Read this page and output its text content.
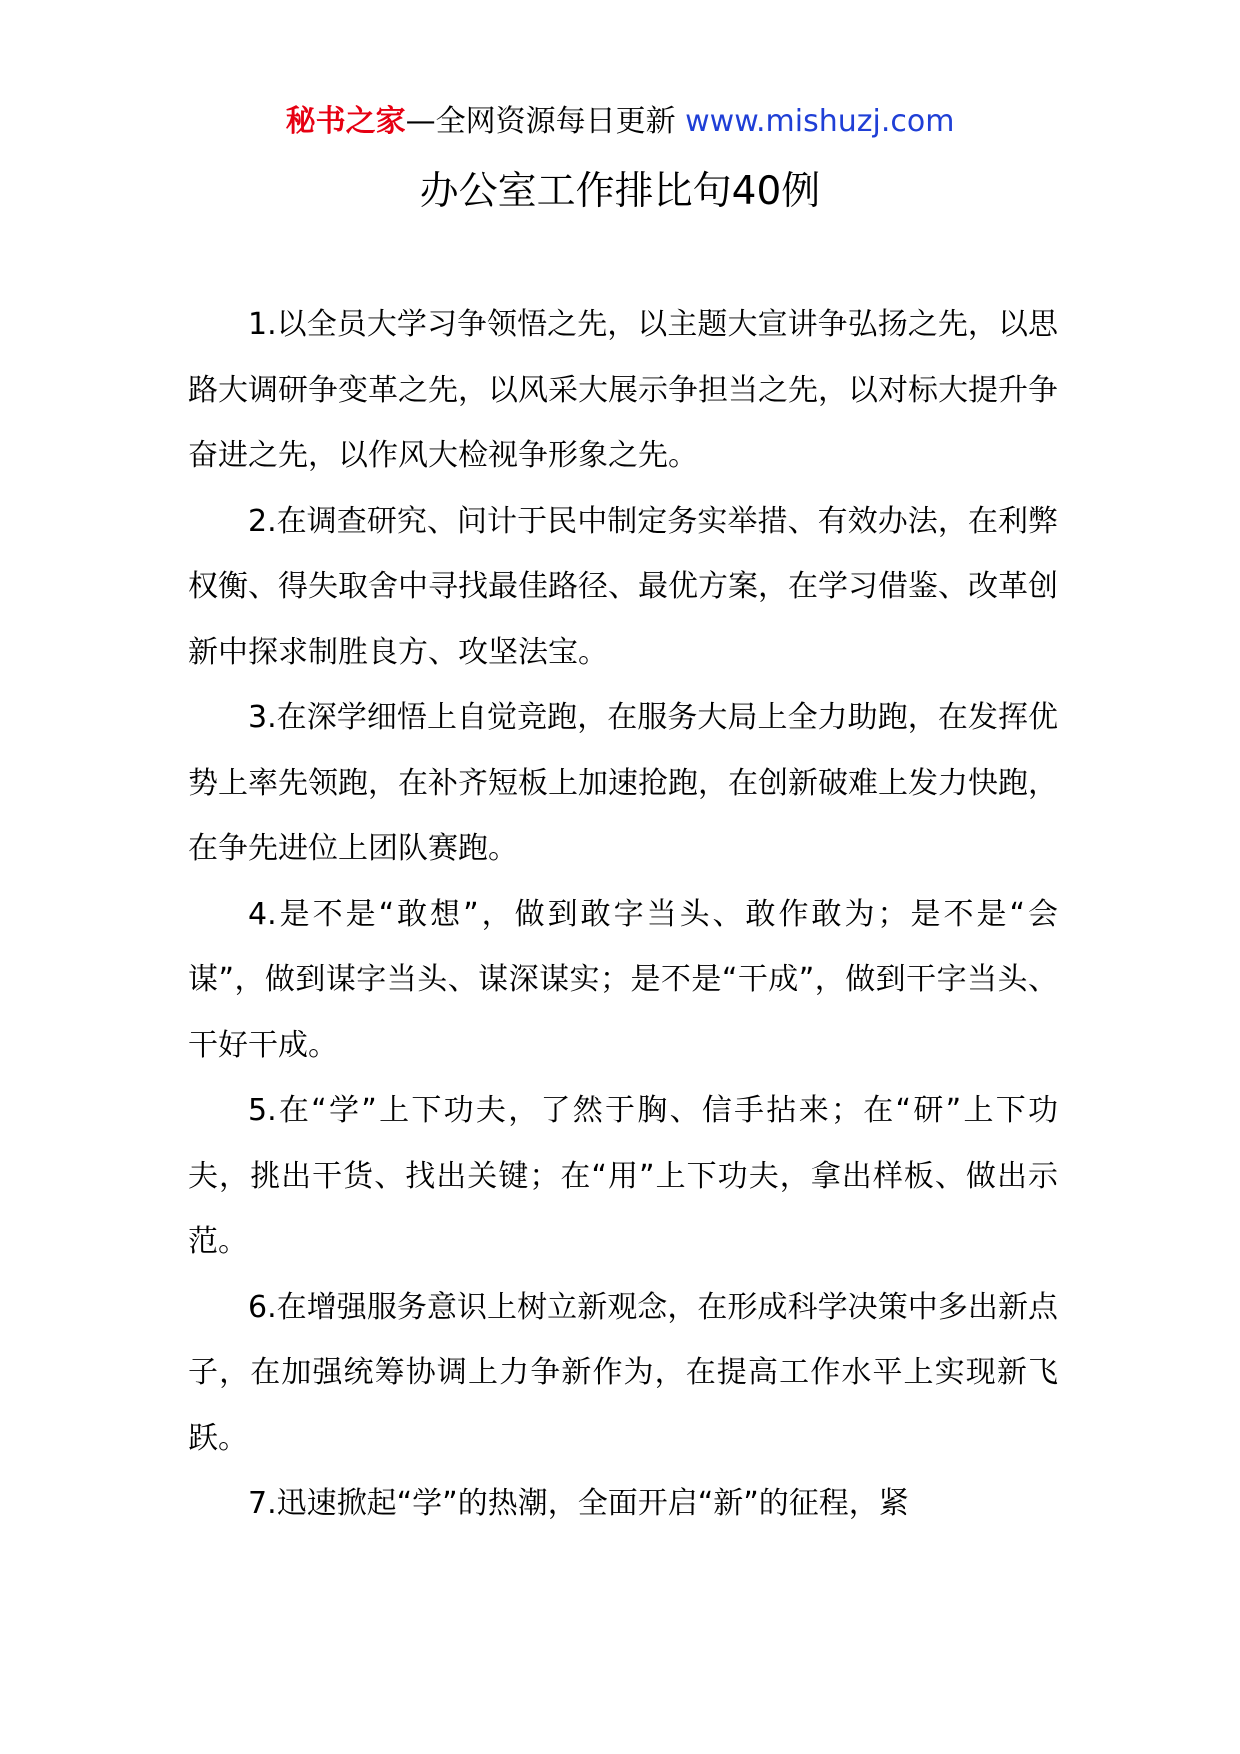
秘书之家—全网资源每日更新 www.mishuzj.com
办公室工作排比句40例

1.以全员大学习争领悟之先，以主题大宣讲争弘扬之先，以思路大调研争变革之先，以风采大展示争担当之先，以对标大提升争奋进之先，以作风大检视争形象之先。

2.在调查研究、问计于民中制定务实举措、有效办法，在利弊权衡、得失取舍中寻找最佳路径、最优方案，在学习借鉴、改革创新中探求制胜良方、攻坚法宝。

3.在深学细悟上自觉竞跑，在服务大局上全力助跑，在发挥优势上率先领跑，在补齐短板上加速抢跑，在创新破难上发力快跑，在争先进位上团队赛跑。

4.是不是“敢想”，做到敢字当头、敢作敢为；是不是“会谋”，做到谋字当头、谋深谋实；是不是“干成”，做到干字当头、干好干成。

5.在“学”上下功夫，了然于胸、信手拈来；在“研”上下功夫，挑出干货、找出关键；在“用”上下功夫，拿出样板、做出示范。

6.在增强服务意识上树立新观念，在形成科学决策中多出新点子，在加强统筹协调上力争新作为，在提高工作水平上实现新飞跃。

7.迅速掀起“学”的热潮，全面开启“新”的征程，紧
